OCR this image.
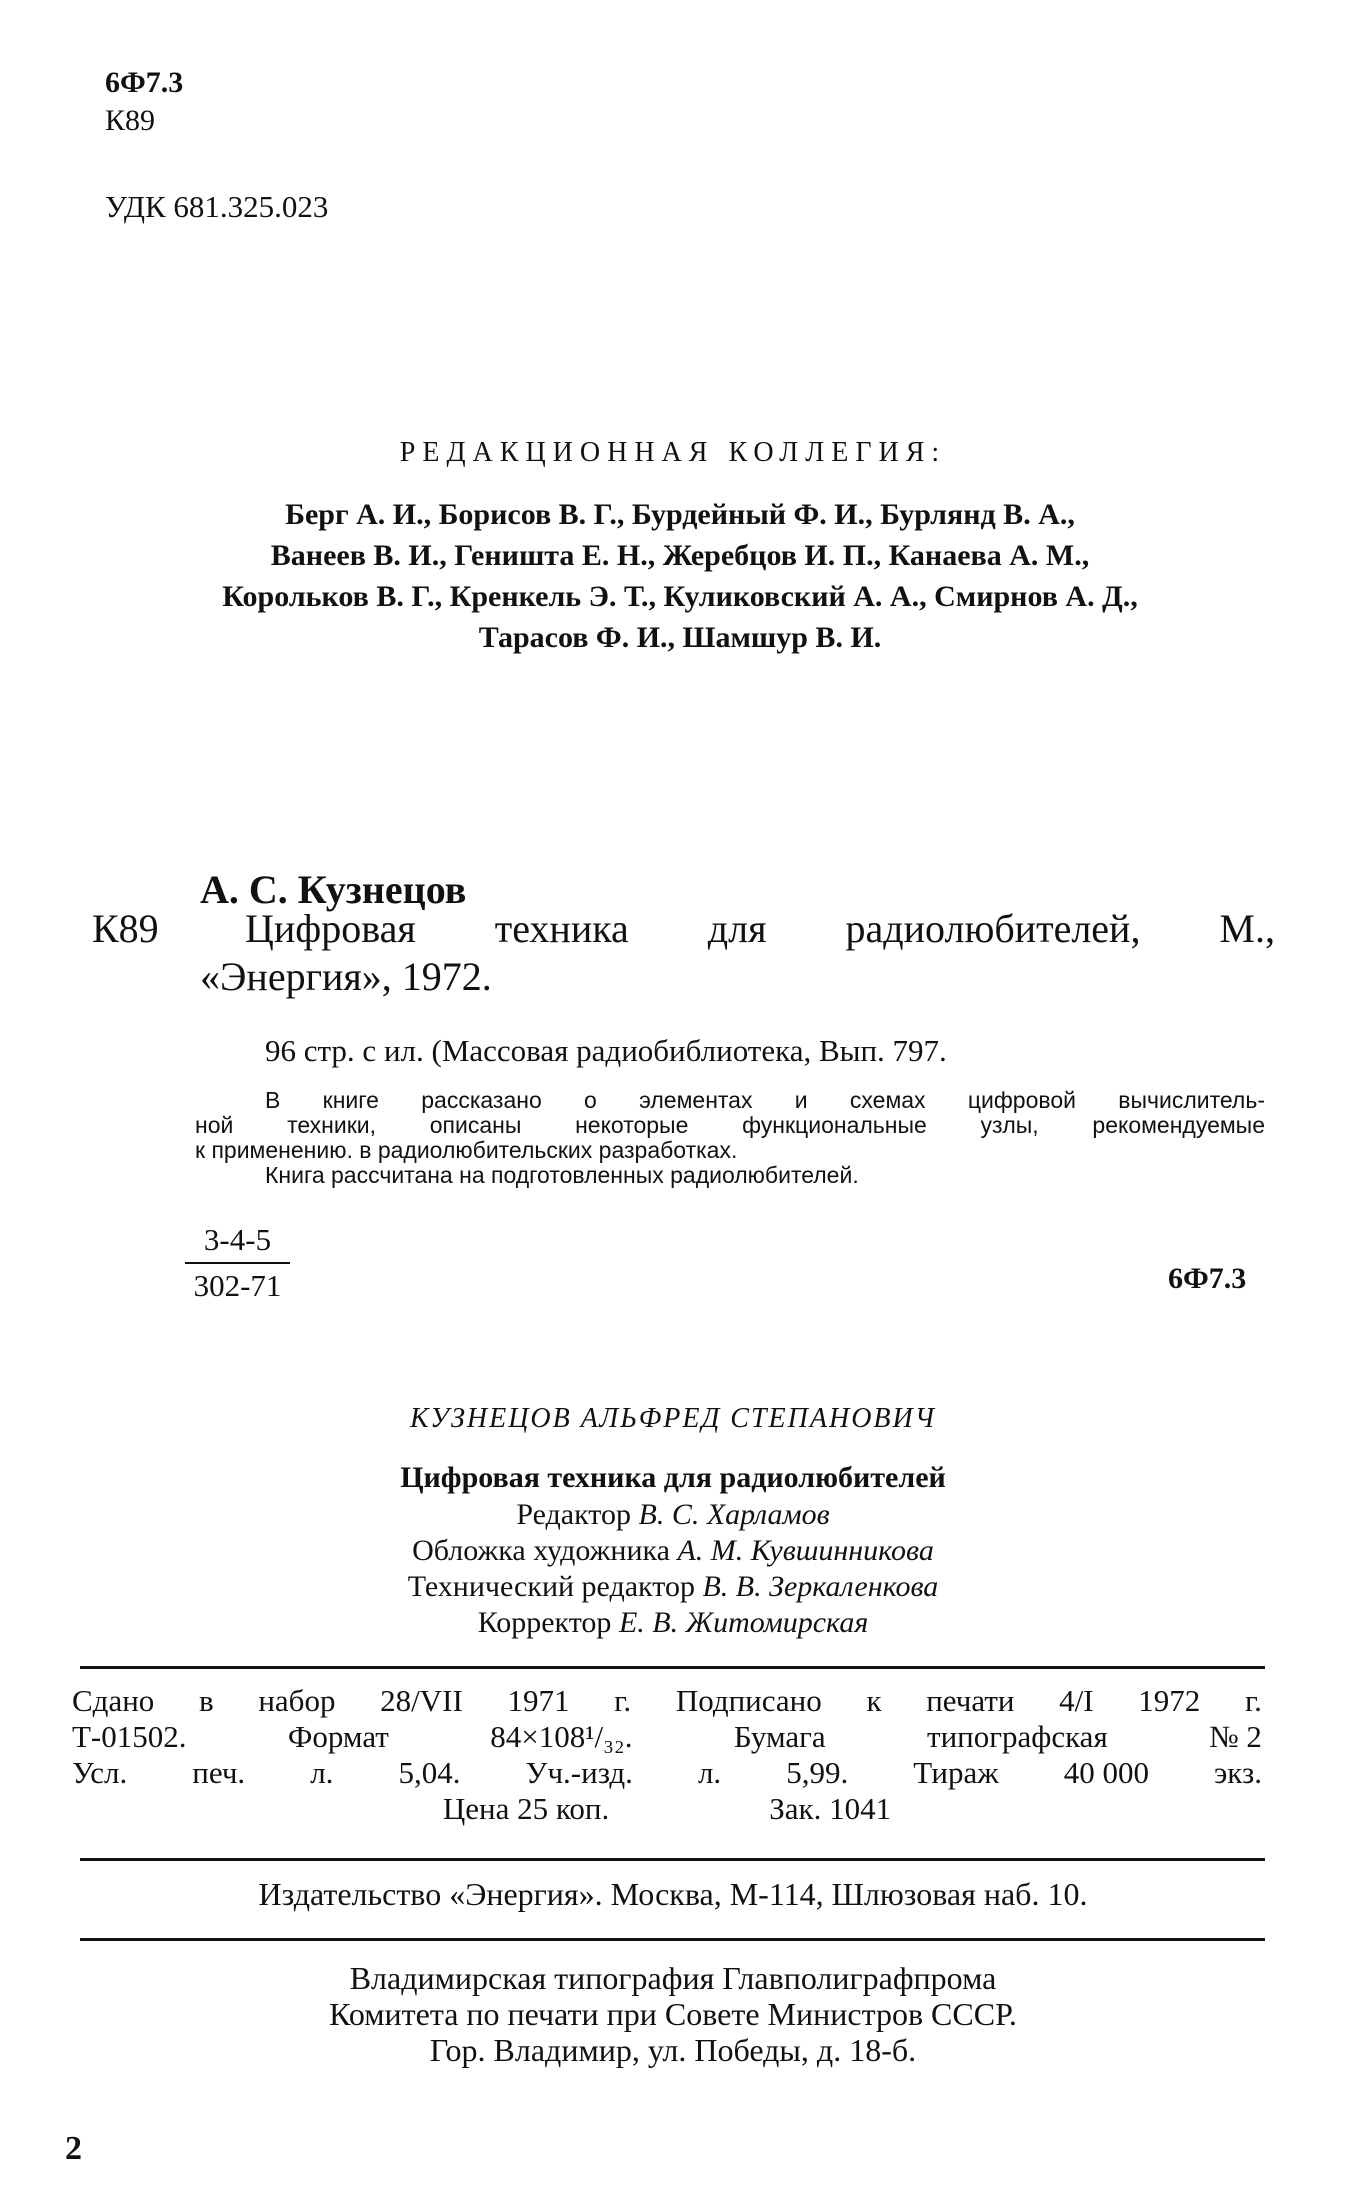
6Ф7.3
К89
УДК 681.325.023
РЕДАКЦИОННАЯ КОЛЛЕГИЯ:
Берг А. И., Борисов В. Г., Бурдейный Ф. И., Бурлянд В. А.,
Ванеев В. И., Геништа Е. Н., Жеребцов И. П., Канаева А. М.,
Корольков В. Г., Кренкель Э. Т., Куликовский А. А., Смирнов А. Д.,
Тарасов Ф. И., Шамшур В. И.
А. С. Кузнецов
К89 Цифровая техника для радиолюбителей, М.,
«Энергия», 1972.
96 стр. с ил. (Массовая радиобиблиотека, Вып. 797.

В книге рассказано о элементах и схемах цифровой вычислитель-

ной техники, описаны некоторые функциональные узлы, рекомендуемые

к применению. в радиолюбительских разработках.

Книга рассчитана на подготовленных радиолюбителей.

$\frac{3-4-5}{302-71}$	6Ф7.3
КУЗНЕЦОВ АЛЬФРЕД СТЕПАНОВИЧ
Цифровая техника для радиолюбителей
Редактор В. С. Харламов
Обложка художника А. М. Кувшинникова
Технический редактор В. В. Зеркаленкова
Корректор Е. В. Житомирская
Сдано в набор 28/VII 1971 г. Подписано к печати 4/I 1972 г.
Т-01502.	Формат	84×108¹/₃₂.	Бумага	типографская	№ 2
Усл. печ. л. 5,04. Уч.-изд. л. 5,99. Тираж 40 000 экз.
Цена 25 коп.	Зак. 1041
Издательство «Энергия». Москва, М-114, Шлюзовая наб. 10.
Владимирская типография Главполиграфпрома
Комитета по печати при Совете Министров СССР.
Гор. Владимир, ул. Победы, д. 18-б.
2
